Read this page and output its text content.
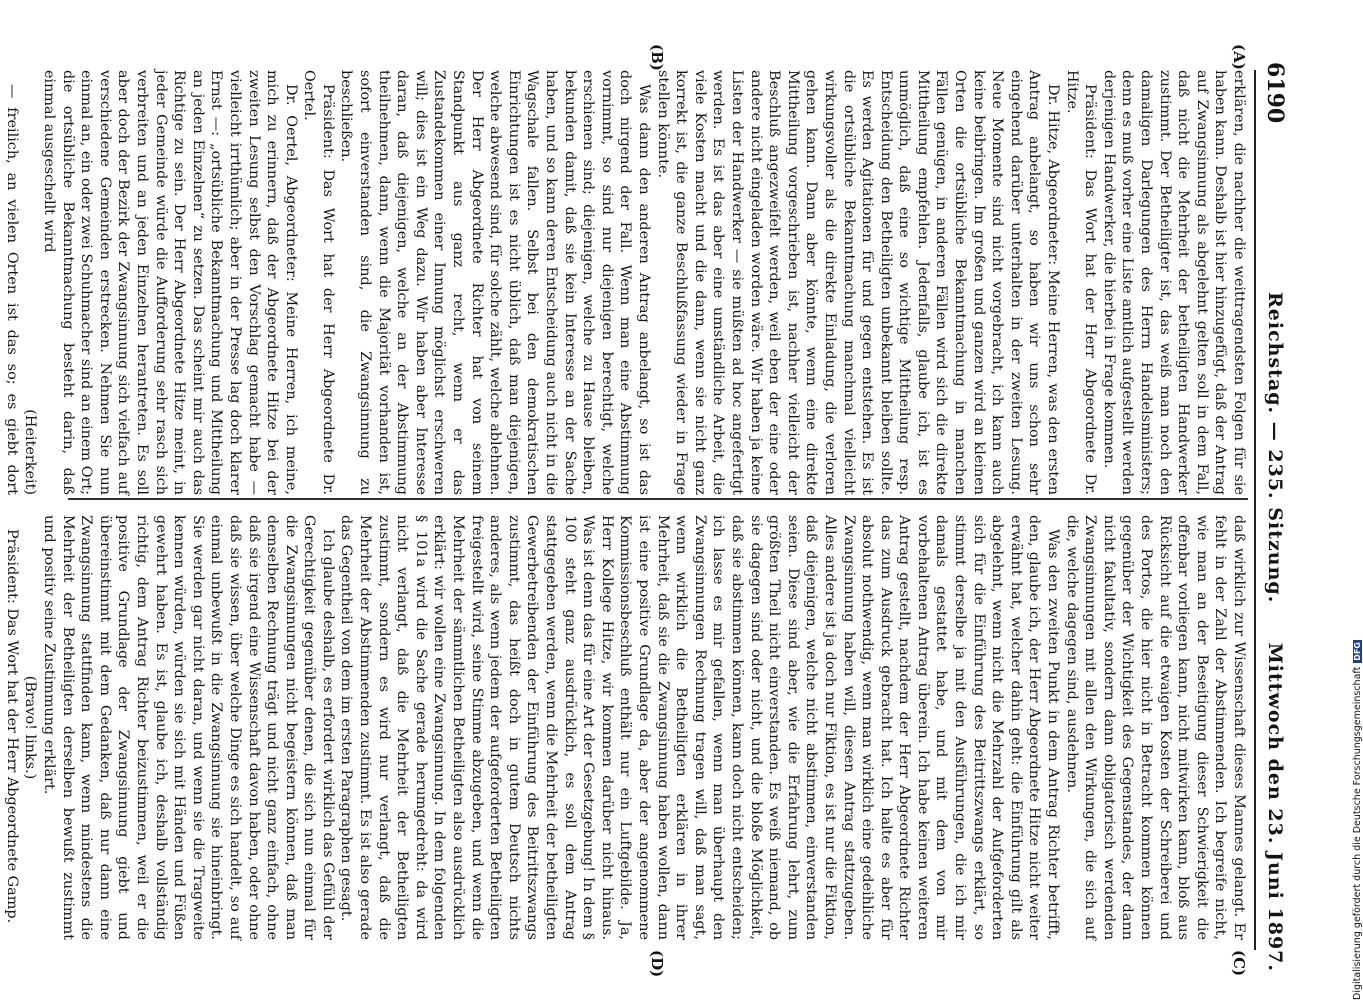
6190
Reichstag. — 235. Sitzung.
Mittwoch den 23. Juni 1897.
(A)
(B)
(C)
(D)

erklären, die nachher die weittragendsten Folgen für sie haben kann. Deshalb ist hier hinzugefügt, daß der Antrag auf Zwangsinnung als abgelehnt gelten soll in dem Fall, daß nicht die Mehrheit der betheiligten Handwerker zustimmt. Der Betheiligter ist, das weiß man noch den damaligen Darlegungen des Herrn Handelsministers; denn es muß vorher eine Liste amtlich aufgestellt werden derjenigen Handwerker, die hierbei in Frage kommen.

Präsident: Das Wort hat der Herr Abgeordnete Dr. Hitze.

Dr. Hitze, Abgeordneter: Meine Herren, was den ersten Antrag anbelangt, so haben wir uns schon sehr eingehend darüber unterhalten in der zweiten Lesung. Neue Momente sind nicht vorgebracht, ich kann auch keine beibringen. Im großen und ganzen wird an kleinen Orten die ortsübliche Bekanntmachung in manchen Fällen genügen, in anderen Fällen wird sich die direkte Mittheilung empfehlen. Jedenfalls, glaube ich, ist es unmöglich, daß eine so wichtige Mittheilung resp. Entscheidung den Betheiligten unbekannt bleiben sollte. Es werden Agitationen für und gegen entstehen. Es ist die ortsübliche Bekanntmachung manchmal vielleicht wirkungsvoller als die direkte Einladung, die verloren gehen kann. Dann aber könnte, wenn eine direkte Mittheilung vorgeschrieben ist, nachher vielleicht der Beschluß angezweifelt werden, weil eben der eine oder andere nicht eingeladen worden wäre. Wir haben ja keine Listen der Handwerker — sie müßten ad hoc angefertigt werden. Es ist das aber eine umständliche Arbeit, die viele Kosten macht und die dann, wenn sie nicht ganz korrekt ist, die ganze Beschlußfassung wieder in Frage stellen könnte.

Was dann den anderen Antrag anbelangt, so ist das doch nirgend der Fall. Wenn man eine Abstimmung vornimmt, so sind nur diejenigen berechtigt, welche erschienen sind; diejenigen, welche zu Hause bleiben, bekunden damit, daß sie kein Interesse an der Sache haben, und so kann deren Entscheidung auch nicht in die Wagschale fallen. Selbst bei den demokratischen Einrichtungen ist es nicht üblich, daß man diejenigen, welche abwesend sind, für solche zählt, welche ablehnen. Der Herr Abgeordnete Richter hat von seinem Standpunkt aus ganz recht, wenn er das Zustandekommen einer Innung möglichst erschweren will; dies ist ein Weg dazu. Wir haben aber Interesse daran, daß diejenigen, welche an der Abstimmung theilnehmen, dann, wenn die Majorität vorhanden ist, sofort einverstanden sind, die Zwangsinnung zu beschließen.

Präsident: Das Wort hat der Herr Abgeordnete Dr. Oertel.

Dr. Oertel, Abgeordneter: Meine Herren, ich meine, mich zu erinnern, daß der Abgeordnete Hitze bei der zweiten Lesung selbst den Vorschlag gemacht habe — vielleicht irrthümlich; aber in der Presse lag doch klarer Ernst —: „ortsübliche Bekanntmachung und Mittheilung an jeden Einzelnen“ zu setzen. Das scheint mir auch das Richtige zu sein. Der Herr Abgeordnete Hitze meint, in jeder Gemeinde würde die Aufforderung sehr rasch sich verbreiten und an jeden Einzelnen herantreten. Es soll aber doch der Bezirk der Zwangsinnung sich vielfach auf verschiedene Gemeinden erstrecken. Nehmen Sie nun einmal an, ein oder zwei Schuhmacher sind an einem Ort; die ortsübliche Bekanntmachung besteht darin, daß einmal ausgeschellt wird

(Heiterkeit)

— freilich, an vielen Orten ist das so; es giebt dort

daß wirklich zur Wissenschaft dieses Mannes gelangt. Er fehlt in der Zahl der Abstimmenden. Ich begreife nicht, wie man an der Beseitigung dieser Schwierigkeit die offenbar vorliegen kann, nicht mitwirken kann, bloß aus Rücksicht auf die etwaigen Kosten der Schreiberei und des Portos, die hier nicht in Betracht kommen können gegenüber der Wichtigkeit des Gegenstandes, der dann nicht fakultativ, sondern dann obligatorisch werdenden Zwangsinnungen mit allen den Wirkungen, die sich auf die, welche dagegen sind, ausdehnen.

Was den zweiten Punkt in dem Antrag Richter betrifft, den, glaube ich, der Herr Abgeordnete Hitze nicht weiter erwähnt hat, welcher dahin geht: die Einführung gilt als abgelehnt, wenn nicht die Mehrzahl der Aufgeforderten sich für die Einführung des Beitrittszwangs erklärt, so stimmt derselbe ja mit den Ausführungen, die ich mir damals gestattet habe, und mit dem von mir vorbehaltenen Antrag überein. Ich habe keinen weiteren Antrag gestellt, nachdem der Herr Abgeordnete Richter das zum Ausdruck gebracht hat. Ich halte es aber für absolut nothwendig, wenn man wirklich eine gedeihliche Zwangsinnung haben will, diesen Antrag stattzugeben. Alles andere ist ja doch nur Fiktion, es ist nur die Fiktion, daß diejenigen, welche nicht abstimmen, einverstanden seien. Diese sind aber, wie die Erfahrung lehrt, zum größten Theil nicht einverstanden. Es weiß niemand, ob sie dagegen sind oder nicht, und die bloße Möglichkeit, daß sie abstimmen können, kann doch nicht entscheiden; ich lasse es mir gefallen, wenn man überhaupt den Zwangsinnungen Rechnung tragen will, daß man sagt, wenn wirklich die Betheiligten erklären in ihrer Mehrheit, daß sie die Zwangsinnung haben wollen, dann ist eine positive Grundlage da, aber der angenommene Kommissionsbeschluß enthält nur ein Luftgebilde. Ja, Herr Kollege Hitze, wir kommen darüber nicht hinaus. Was ist denn das für eine Art der Gesetzgebung! In dem § 100 steht ganz ausdrücklich, es soll dem Antrag stattgegeben werden, wenn die Mehrheit der betheiligten Gewerbetreibenden der Einführung des Beitrittszwangs zustimmt, das heißt doch in gutem Deutsch nichts anderes, als wenn jedem der aufgeforderten Betheiligten freigestellt wird, seine Stimme abzugeben, und wenn die Mehrheit der sämmtlichen Betheiligten also ausdrücklich erklärt: wir wollen eine Zwangsinnung. In dem folgenden § 101a wird die Sache gerade herumgedreht: da wird nicht verlangt, daß die Mehrheit der Betheiligten zustimmt, sondern es wird nur verlangt, daß die Mehrheit der Abstimmenden zustimmt. Es ist also gerade das Gegentheil von dem im ersten Paragraphen gesagt.

Ich glaube deshalb, es erfordert wirklich das Gefühl der Gerechtigkeit gegenüber denen, die sich nun einmal für die Zwangsinnungen nicht begeistern können, daß man demselben Rechnung trägt und nicht ganz einfach, ohne daß sie irgend eine Wissenschaft davon haben, oder ohne daß sie wissen, über welche Dinge es sich handelt, so auf einmal unbewußt in die Zwangsinnung sie hineinbringt. Sie werden gar nicht daran, und wenn sie die Tragweite kennen würden, würden sie sich mit Händen und Füßen gewehrt haben. Es ist, glaube ich, deshalb vollständig richtig, dem Antrag Richter beizustimmen, weil er die positive Grundlage der Zwangsinnung giebt und übereinstimmt mit dem Gedanken, daß nur dann eine Zwangsinnung stattfinden kann, wenn mindestens die Mehrheit der Betheiligten derselben bewußt zustimmt und positiv seine Zustimmung erklärt.

(Bravo! links.)

Präsident: Das Wort hat der Herr Abgeordnete Gamp.	Digitalisierung gefördert durch die Deutsche ForschungsgemeinschaftDFG
